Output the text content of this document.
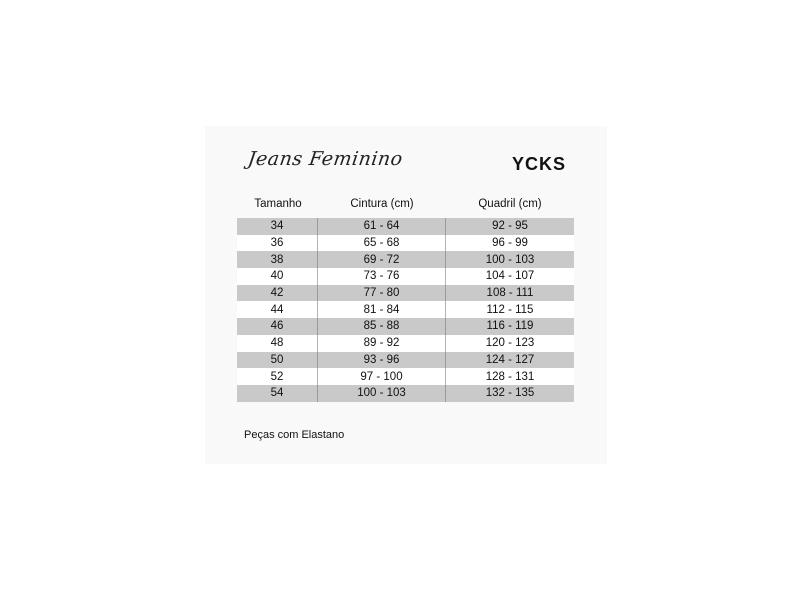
Jeans Feminino	YCKS
Tamanho	Cintura (cm)	Quadril (cm)
34	61 - 64	92 - 95
36	65 - 68	96 - 99
38	69 - 72	100 - 103
40	73 - 76	104 - 107
42	77 - 80	108 - 111
44	81 - 84	112 - 115
46	85 - 88	116 - 119
48	89 - 92	120 - 123
50	93 - 96	124 - 127
52	97 - 100	128 - 131
54	100 - 103	132 - 135
Peças com Elastano
